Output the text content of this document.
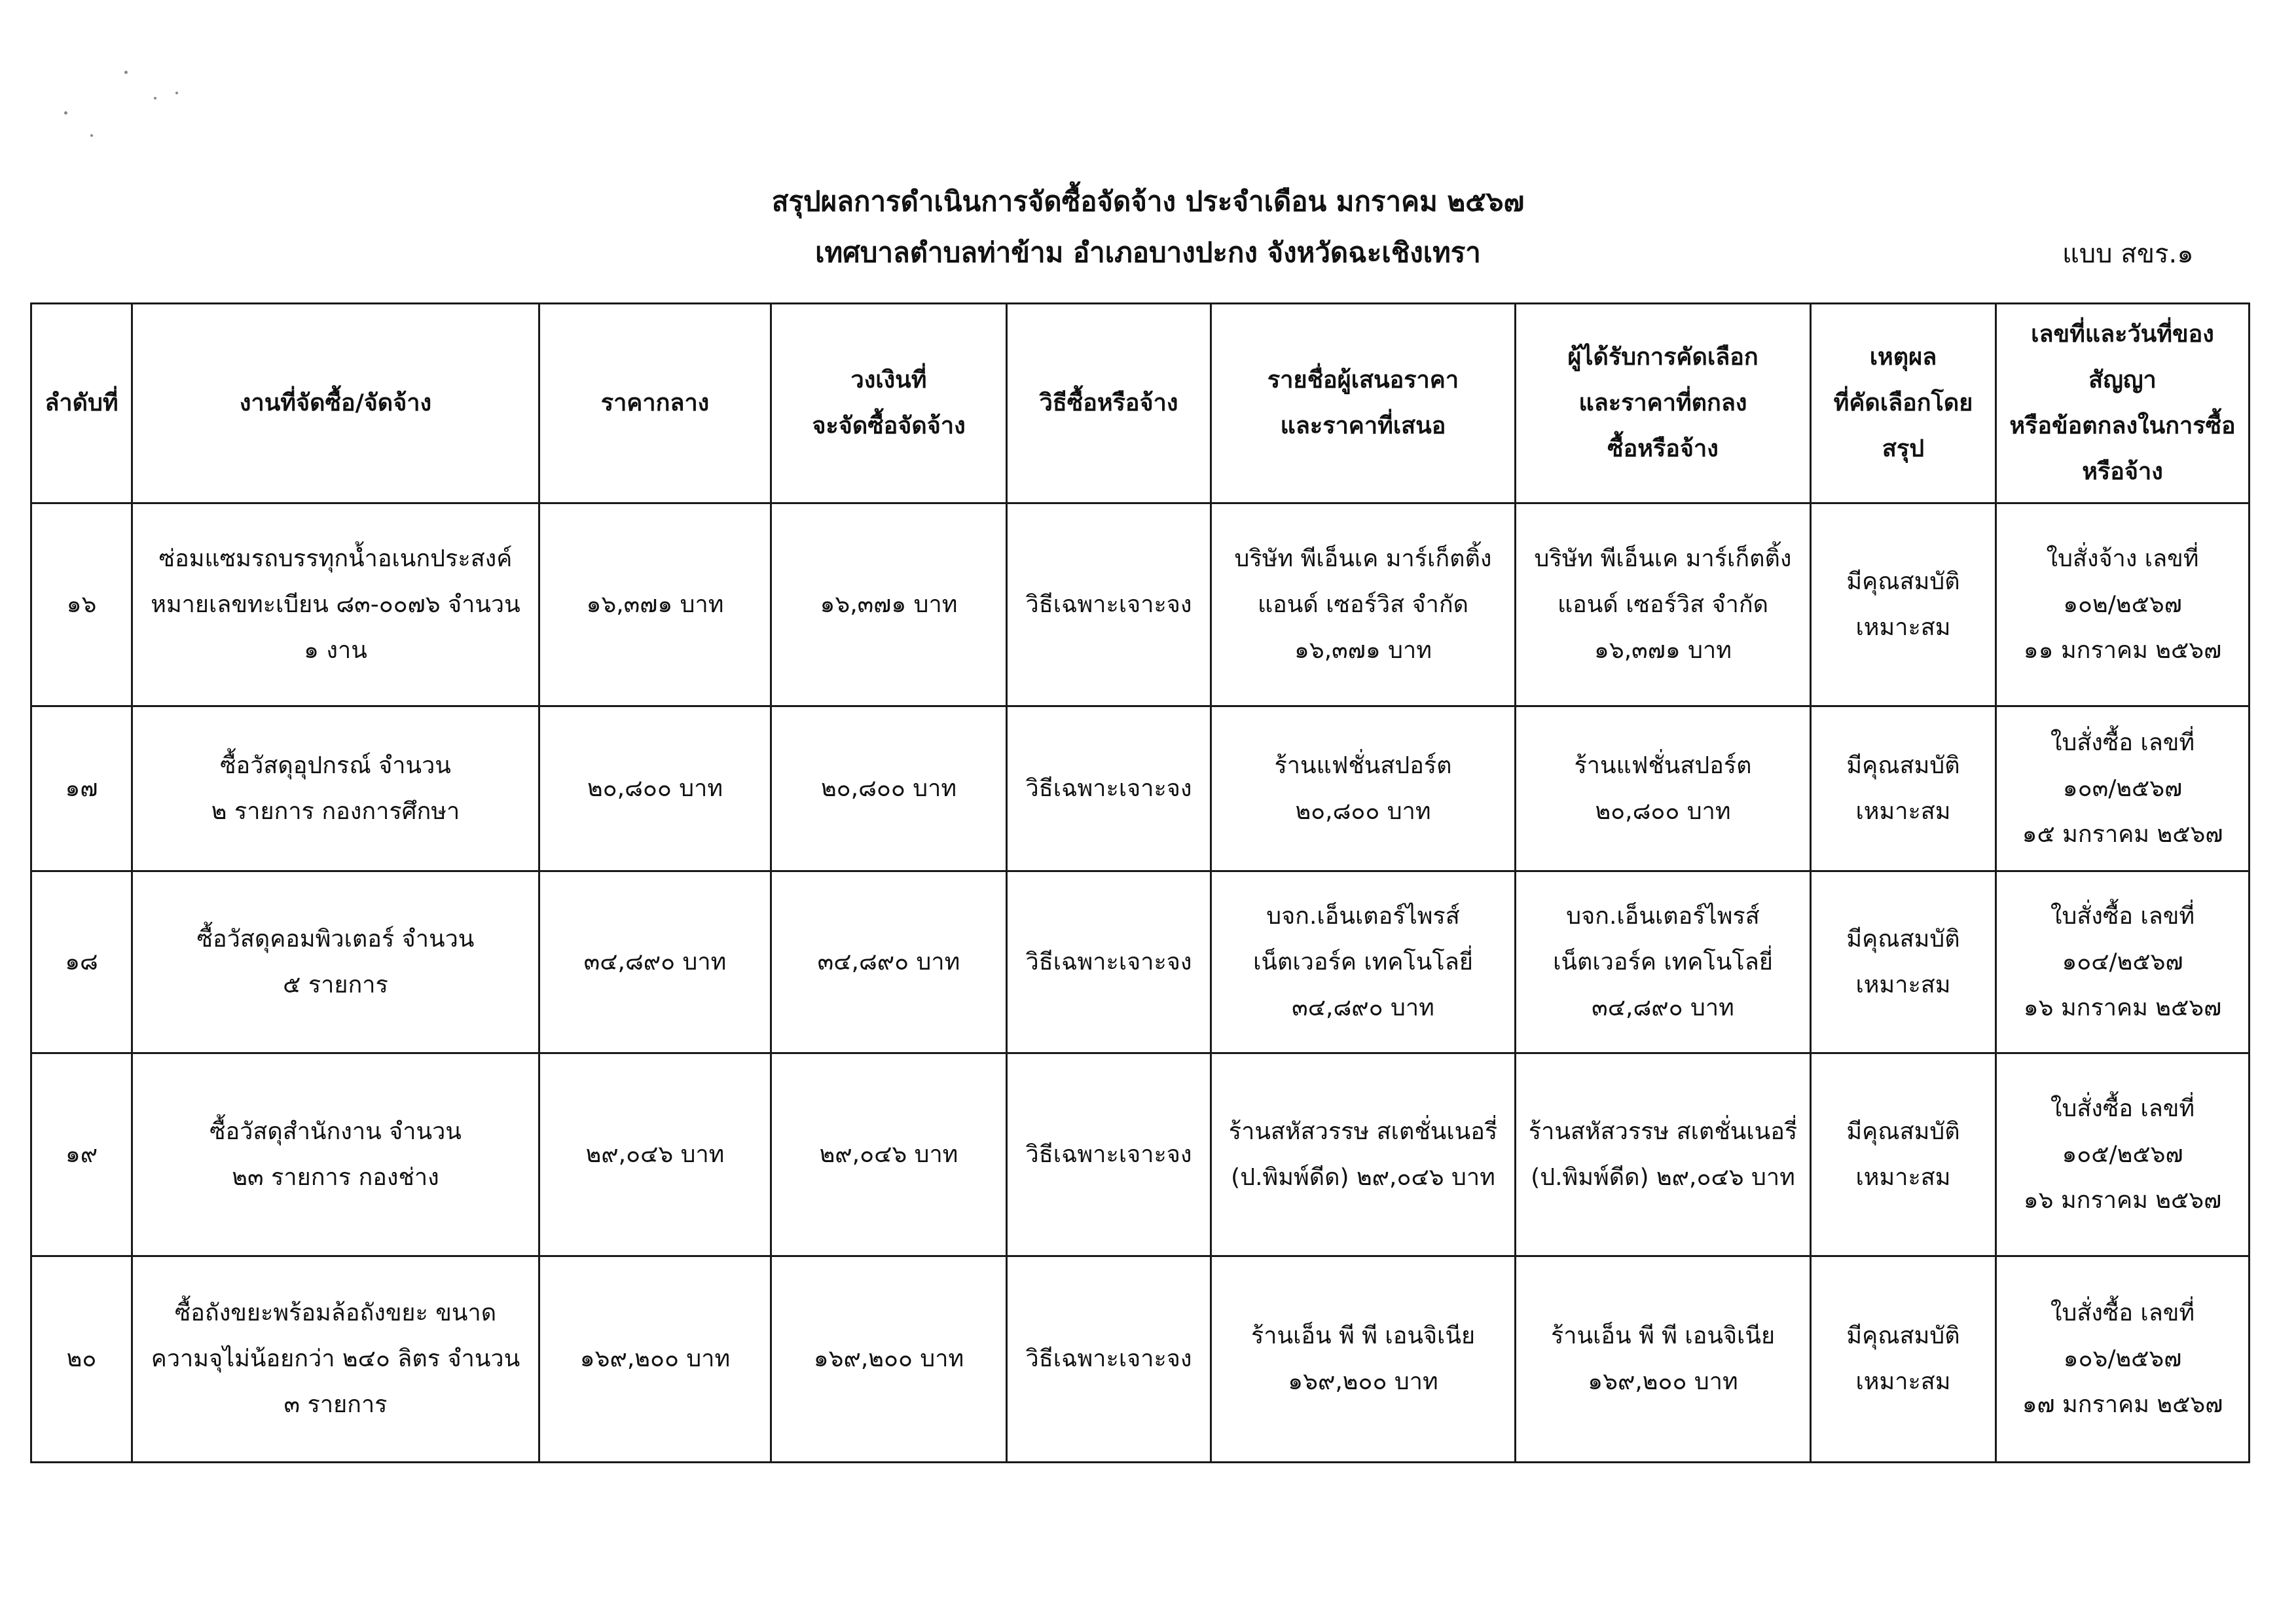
สรุปผลการดำเนินการจัดซื้อจัดจ้าง ประจำเดือน มกราคม ๒๕๖๗
เทศบาลตำบลท่าข้าม อำเภอบางปะกง จังหวัดฉะเชิงเทรา	แบบ สขร.๑
ลำดับที่	งานที่จัดซื้อ/จัดจ้าง	ราคากลาง	วงเงินที่
จะจัดซื้อจัดจ้าง	วิธีซื้อหรือจ้าง	รายชื่อผู้เสนอราคา
และราคาที่เสนอ	ผู้ได้รับการคัดเลือก
และราคาที่ตกลง
ซื้อหรือจ้าง	เหตุผล
ที่คัดเลือกโดย
สรุป	เลขที่และวันที่ของ
สัญญา
หรือข้อตกลงในการซื้อ
หรือจ้าง

๑๖	ซ่อมแซมรถบรรทุกน้ำอเนกประสงค์
หมายเลขทะเบียน ๘๓-๐๐๗๖ จำนวน
๑ งาน	๑๖,๓๗๑ บาท	๑๖,๓๗๑ บาท	วิธีเฉพาะเจาะจง	บริษัท พีเอ็นเค มาร์เก็ตติ้ง
แอนด์ เซอร์วิส จำกัด
๑๖,๓๗๑ บาท	บริษัท พีเอ็นเค มาร์เก็ตติ้ง
แอนด์ เซอร์วิส จำกัด
๑๖,๓๗๑ บาท	มีคุณสมบัติ
เหมาะสม	ใบสั่งจ้าง เลขที่
๑๐๒/๒๕๖๗
๑๑ มกราคม ๒๕๖๗

๑๗	ซื้อวัสดุอุปกรณ์ จำนวน
๒ รายการ กองการศึกษา	๒๐,๘๐๐ บาท	๒๐,๘๐๐ บาท	วิธีเฉพาะเจาะจง	ร้านแฟชั่นสปอร์ต
๒๐,๘๐๐ บาท	ร้านแฟชั่นสปอร์ต
๒๐,๘๐๐ บาท	มีคุณสมบัติ
เหมาะสม	ใบสั่งซื้อ เลขที่
๑๐๓/๒๕๖๗
๑๕ มกราคม ๒๕๖๗

๑๘	ซื้อวัสดุคอมพิวเตอร์ จำนวน
๕ รายการ	๓๔,๘๙๐ บาท	๓๔,๘๙๐ บาท	วิธีเฉพาะเจาะจง	บจก.เอ็นเตอร์ไพรส์
เน็ตเวอร์ค เทคโนโลยี่
๓๔,๘๙๐ บาท	บจก.เอ็นเตอร์ไพรส์
เน็ตเวอร์ค เทคโนโลยี่
๓๔,๘๙๐ บาท	มีคุณสมบัติ
เหมาะสม	ใบสั่งซื้อ เลขที่
๑๐๔/๒๕๖๗
๑๖ มกราคม ๒๕๖๗

๑๙	ซื้อวัสดุสำนักงาน จำนวน
๒๓ รายการ กองช่าง	๒๙,๐๔๖ บาท	๒๙,๐๔๖ บาท	วิธีเฉพาะเจาะจง	ร้านสหัสวรรษ สเตชั่นเนอรี่
(ป.พิมพ์ดีด) ๒๙,๐๔๖ บาท	ร้านสหัสวรรษ สเตชั่นเนอรี่
(ป.พิมพ์ดีด) ๒๙,๐๔๖ บาท	มีคุณสมบัติ
เหมาะสม	ใบสั่งซื้อ เลขที่
๑๐๕/๒๕๖๗
๑๖ มกราคม ๒๕๖๗

๒๐	ซื้อถังขยะพร้อมล้อถังขยะ ขนาด
ความจุไม่น้อยกว่า ๒๔๐ ลิตร จำนวน
๓ รายการ	๑๖๙,๒๐๐ บาท	๑๖๙,๒๐๐ บาท	วิธีเฉพาะเจาะจง	ร้านเอ็น พี พี เอนจิเนีย
๑๖๙,๒๐๐ บาท	ร้านเอ็น พี พี เอนจิเนีย
๑๖๙,๒๐๐ บาท	มีคุณสมบัติ
เหมาะสม	ใบสั่งซื้อ เลขที่
๑๐๖/๒๕๖๗
๑๗ มกราคม ๒๕๖๗
